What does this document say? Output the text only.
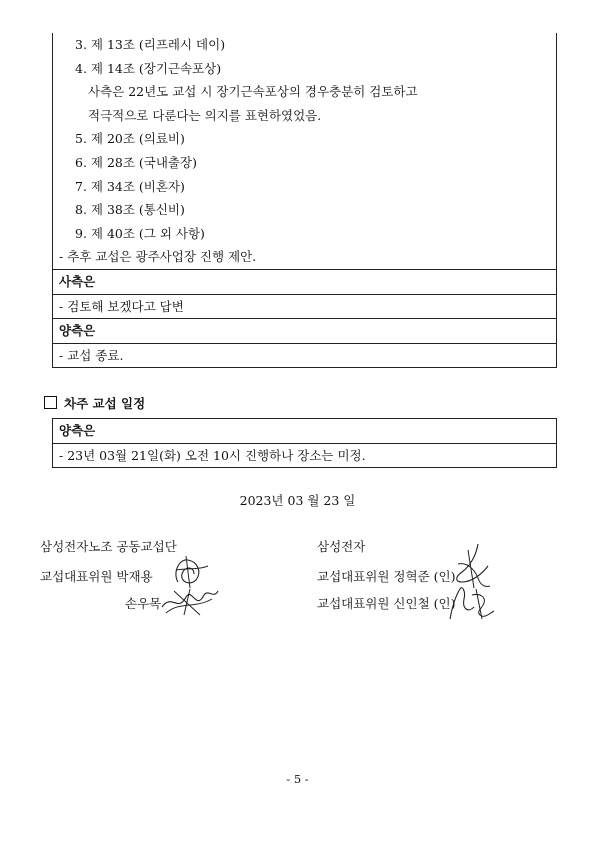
3. 제 13조 (리프레시 데이)
4. 제 14조 (장기근속포상)
사측은 22년도 교섭 시 장기근속포상의 경우충분히 검토하고
적극적으로 다룬다는 의지를 표현하였었음.
5. 제 20조 (의료비)
6. 제 28조 (국내출장)
7. 제 34조 (비혼자)
8. 제 38조 (통신비)
9. 제 40조 (그 외 사항)
- 추후 교섭은 광주사업장 진행 제안.
사측은
- 검토해 보겠다고 답변
양측은
- 교섭 종료.
차주 교섭 일정
양측은
- 23년 03월 21일(화) 오전 10시 진행하나 장소는 미정.
2023년 03 월 23 일
삼성전자노조 공동교섭단
교섭대표위원 박재용
손우목
삼성전자
교섭대표위원 정혁준 (인)
교섭대표위원 신인철 (인)
- 5 -
